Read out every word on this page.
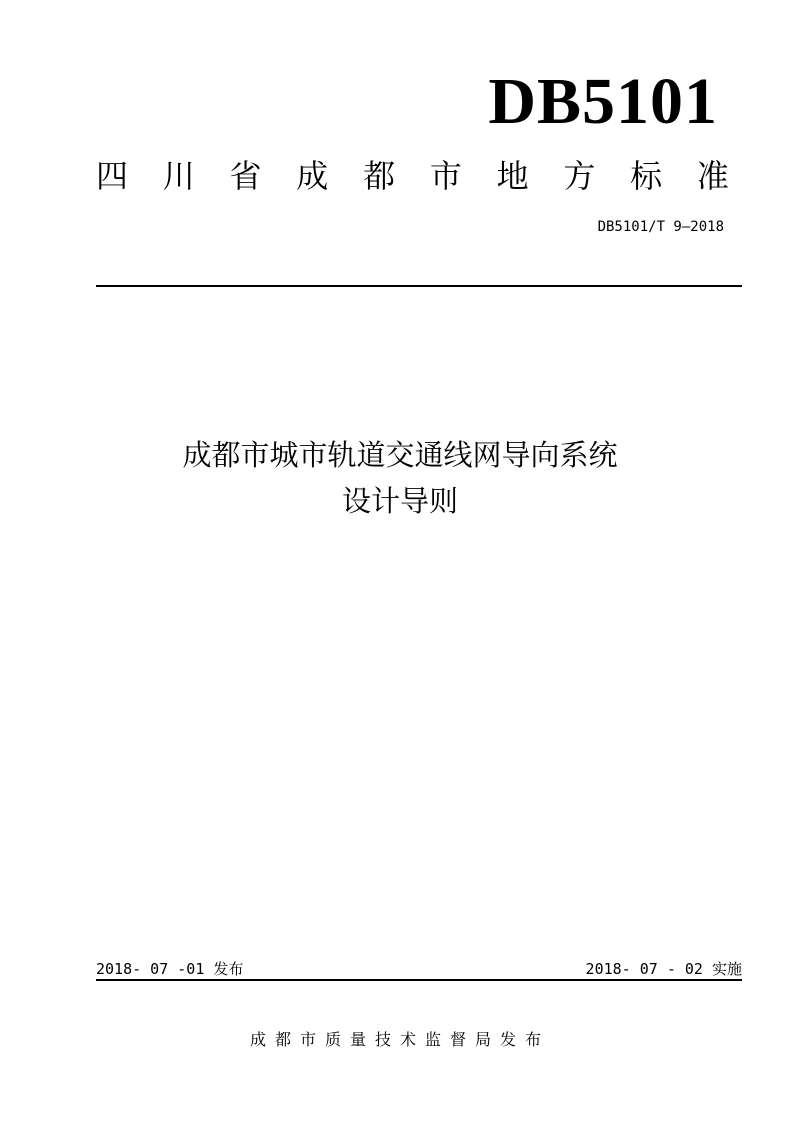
DB5101
四 川 省 成 都 市 地 方 标 准
DB5101/T 9—2018
成都市城市轨道交通线网导向系统
设计导则
2018- 07 -01 发布	2018- 07 - 02 实施
成都市质量技术监督局发布
